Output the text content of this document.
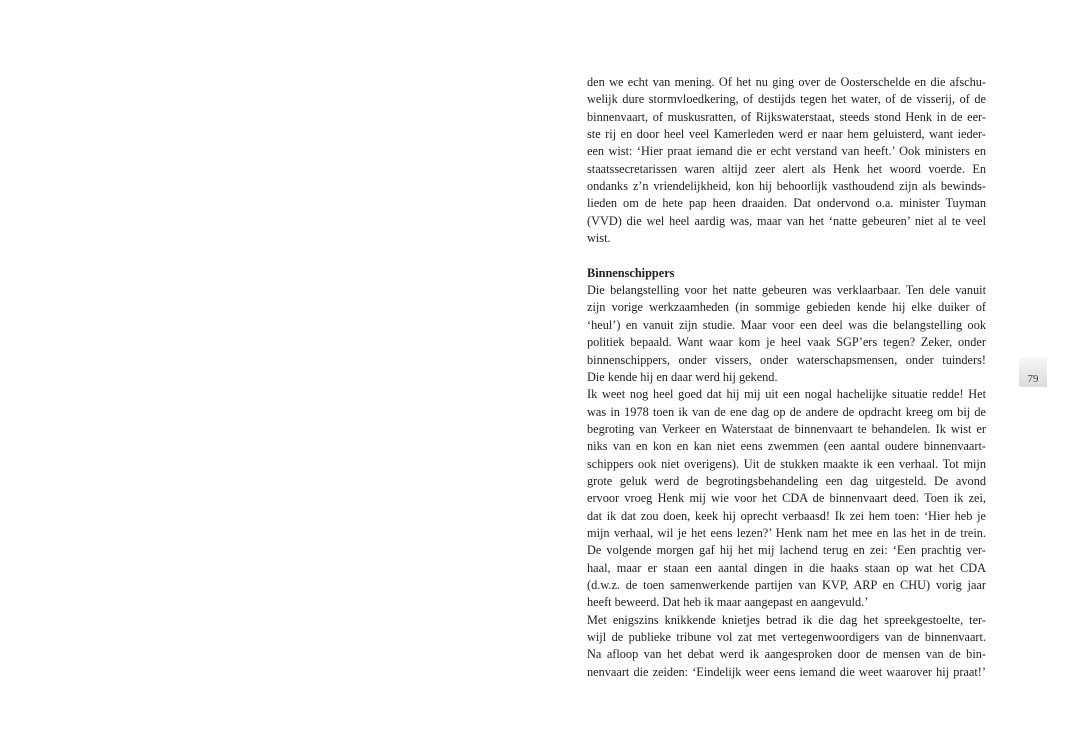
den we echt van mening. Of het nu ging over de Oosterschelde en die afschu-
welijk dure stormvloedkering, of destijds tegen het water, of de visserij, of de
binnenvaart, of muskusratten, of Rijkswaterstaat, steeds stond Henk in de eer-
ste rij en door heel veel Kamerleden werd er naar hem geluisterd, want ieder-
een wist: ‘Hier praat iemand die er echt verstand van heeft.’ Ook ministers en
staatssecretarissen waren altijd zeer alert als Henk het woord voerde. En
ondanks z’n vriendelijkheid, kon hij behoorlijk vasthoudend zijn als bewinds-
lieden om de hete pap heen draaiden. Dat ondervond o.a. minister Tuyman
(VVD) die wel heel aardig was, maar van het ‘natte gebeuren’ niet al te veel
wist.
Binnenschippers
Die belangstelling voor het natte gebeuren was verklaarbaar. Ten dele vanuit
zijn vorige werkzaamheden (in sommige gebieden kende hij elke duiker of
‘heul’) en vanuit zijn studie. Maar voor een deel was die belangstelling ook
politiek bepaald. Want waar kom je heel vaak SGP’ers tegen? Zeker, onder
binnenschippers, onder vissers, onder waterschapsmensen, onder tuinders!
Die kende hij en daar werd hij gekend.
Ik weet nog heel goed dat hij mij uit een nogal hachelijke situatie redde! Het
was in 1978 toen ik van de ene dag op de andere de opdracht kreeg om bij de
begroting van Verkeer en Waterstaat de binnenvaart te behandelen. Ik wist er
niks van en kon en kan niet eens zwemmen (een aantal oudere binnenvaart-
schippers ook niet overigens). Uit de stukken maakte ik een verhaal. Tot mijn
grote geluk werd de begrotingsbehandeling een dag uitgesteld. De avond
ervoor vroeg Henk mij wie voor het CDA de binnenvaart deed. Toen ik zei,
dat ik dat zou doen, keek hij oprecht verbaasd! Ik zei hem toen: ‘Hier heb je
mijn verhaal, wil je het eens lezen?’ Henk nam het mee en las het in de trein.
De volgende morgen gaf hij het mij lachend terug en zei: ‘Een prachtig ver-
haal, maar er staan een aantal dingen in die haaks staan op wat het CDA
(d.w.z. de toen samenwerkende partijen van KVP, ARP en CHU) vorig jaar
heeft beweerd. Dat heb ik maar aangepast en aangevuld.’
Met enigszins knikkende knietjes betrad ik die dag het spreekgestoelte, ter-
wijl de publieke tribune vol zat met vertegenwoordigers van de binnenvaart.
Na afloop van het debat werd ik aangesproken door de mensen van de bin-
nenvaart die zeiden: ‘Eindelijk weer eens iemand die weet waarover hij praat!’
79
